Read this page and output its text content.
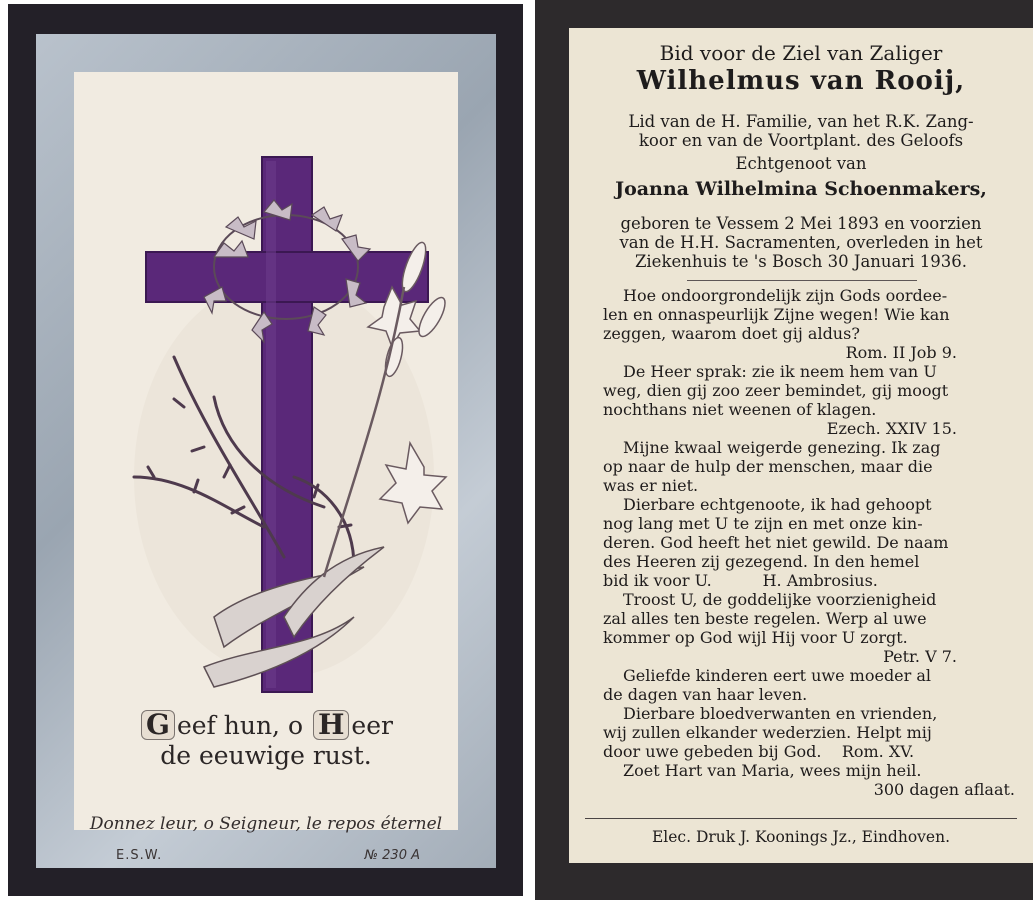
G eef hun, o H eer
de eeuwige rust.
Donnez leur, o Seigneur, le repos éternel
E.S.W.	№ 230 A
Bid voor de Ziel van Zaliger
Wilhelmus van Rooij,
Lid van de H. Familie, van het R.K. Zang-
koor en van de Voortplant. des Geloofs
Echtgenoot van
Joanna Wilhelmina Schoenmakers,
geboren te Vessem 2 Mei 1893 en voorzien
van de H.H. Sacramenten, overleden in het
Ziekenhuis te 's Bosch 30 Januari 1936.
Hoe ondoorgrondelijk zijn Gods oordee-
len en onnaspeurlijk Zijne wegen! Wie kan
zeggen, waarom doet gij aldus?
Rom. II Job 9.
De Heer sprak: zie ik neem hem van U
weg, dien gij zoo zeer bemindet, gij moogt
nochthans niet weenen of klagen.
Ezech. XXIV 15.
Mijne kwaal weigerde genezing. Ik zag
op naar de hulp der menschen, maar die
was er niet.
Dierbare echtgenoote, ik had gehoopt
nog lang met U te zijn en met onze kin-
deren. God heeft het niet gewild. De naam
des Heeren zij gezegend. In den hemel
bid ik voor U.          H. Ambrosius.
Troost U, de goddelijke voorzienigheid
zal alles ten beste regelen. Werp al uwe
kommer op God wijl Hij voor U zorgt.
Petr. V 7.
Geliefde kinderen eert uwe moeder al
de dagen van haar leven.
Dierbare bloedverwanten en vrienden,
wij zullen elkander wederzien. Helpt mij
door uwe gebeden bij God.    Rom. XV.
Zoet Hart van Maria, wees mijn heil.
300 dagen aflaat.
Elec. Druk J. Koonings Jz., Eindhoven.
